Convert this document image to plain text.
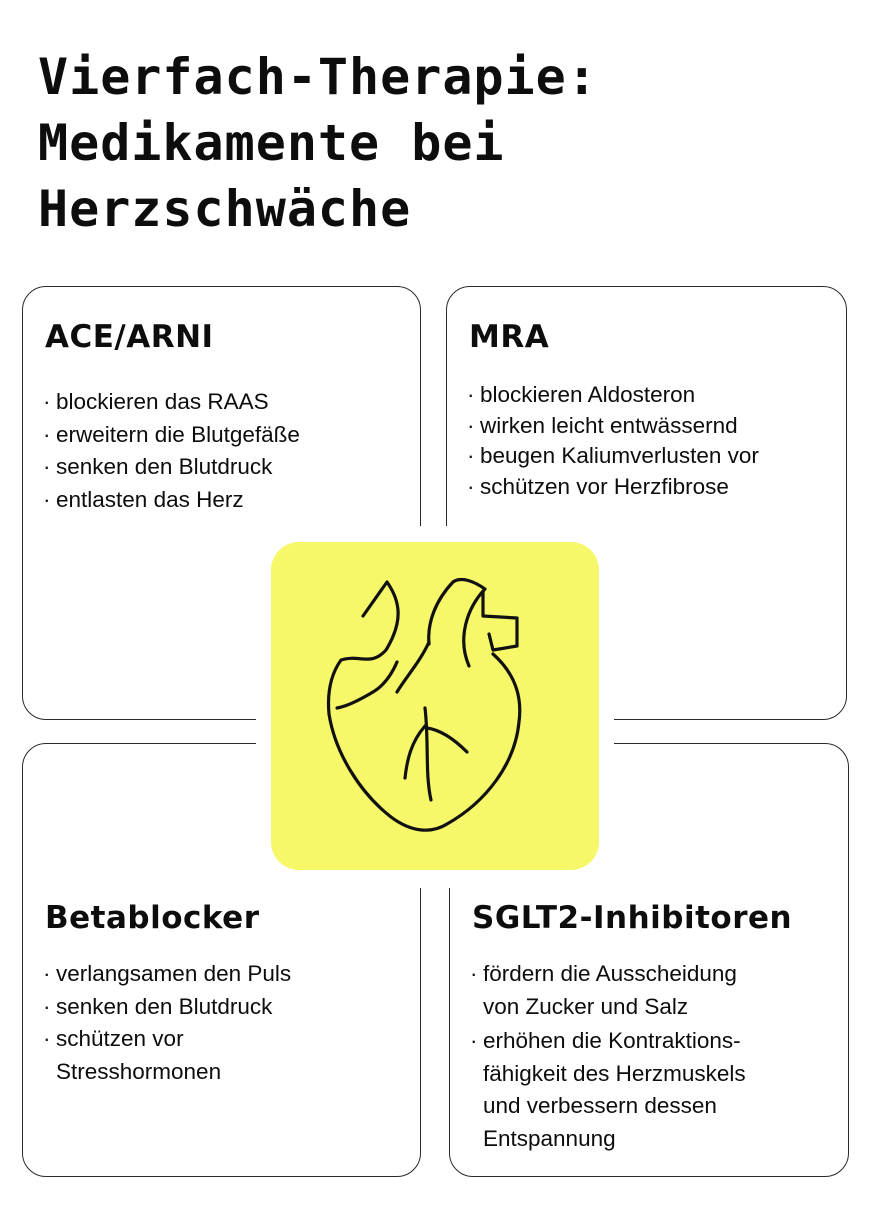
Vierfach-Therapie:
Medikamente bei
Herzschwäche
ACE/ARNI
· blockieren das RAAS
· erweitern die Blutgefäße
· senken den Blutdruck
· entlasten das Herz
MRA
· blockieren Aldosteron
· wirken leicht entwässernd
· beugen Kaliumverlusten vor
· schützen vor Herzfibrose
Betablocker
· verlangsamen den Puls
· senken den Blutdruck
· schützen vor Stresshormonen
SGLT2-Inhibitoren
· fördern die Ausscheidung von Zucker und Salz
· erhöhen die Kontraktions-fähigkeit des Herzmuskels und verbessern dessen Entspannung
